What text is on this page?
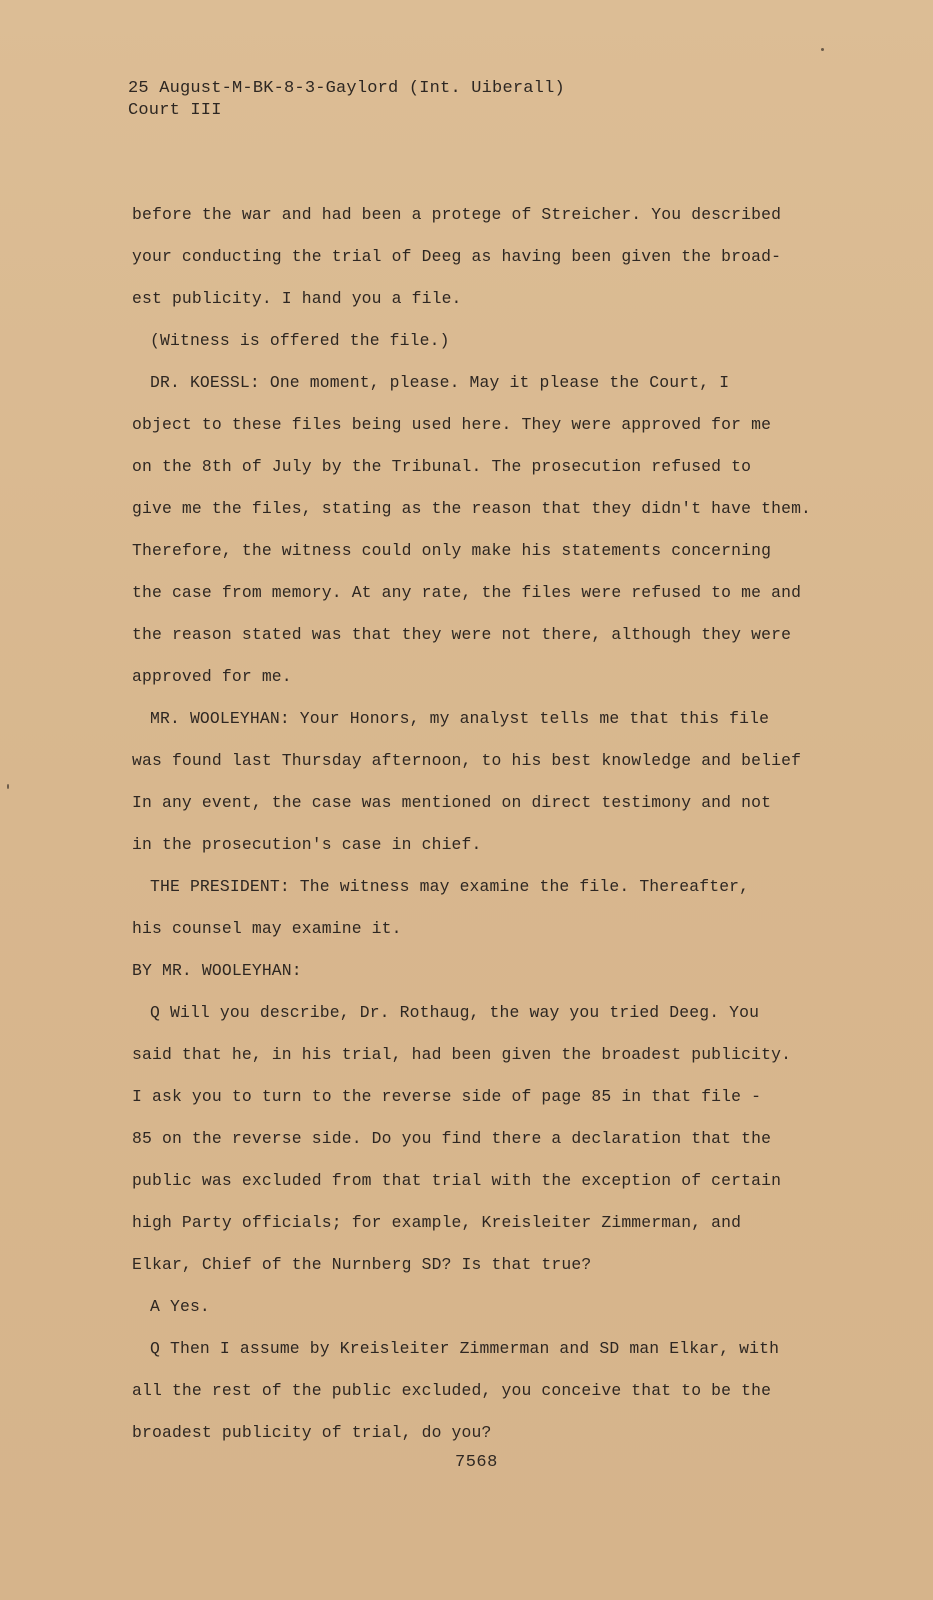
25 August-M-BK-8-3-Gaylord (Int. Uiberall)
Court III
before the war and had been a protege of Streicher. You described
your conducting the trial of Deeg as having been given the broad-
est publicity. I hand you a file.
(Witness is offered the file.)
DR. KOESSL: One moment, please. May it please the Court, I
object to these files being used here. They were approved for me
on the 8th of July by the Tribunal. The prosecution refused to
give me the files, stating as the reason that they didn't have them.
Therefore, the witness could only make his statements concerning
the case from memory. At any rate, the files were refused to me and
the reason stated was that they were not there, although they were
approved for me.
MR. WOOLEYHAN: Your Honors, my analyst tells me that this file
was found last Thursday afternoon, to his best knowledge and belief
In any event, the case was mentioned on direct testimony and not
in the prosecution's case in chief.
THE PRESIDENT: The witness may examine the file. Thereafter,
his counsel may examine it.
BY MR. WOOLEYHAN:
Q Will you describe, Dr. Rothaug, the way you tried Deeg. You
said that he, in his trial, had been given the broadest publicity.
I ask you to turn to the reverse side of page 85 in that file -
85 on the reverse side. Do you find there a declaration that the
public was excluded from that trial with the exception of certain
high Party officials; for example, Kreisleiter Zimmerman, and
Elkar, Chief of the Nurnberg SD? Is that true?
A Yes.
Q Then I assume by Kreisleiter Zimmerman and SD man Elkar, with
all the rest of the public excluded, you conceive that to be the
broadest publicity of trial, do you?
7568
